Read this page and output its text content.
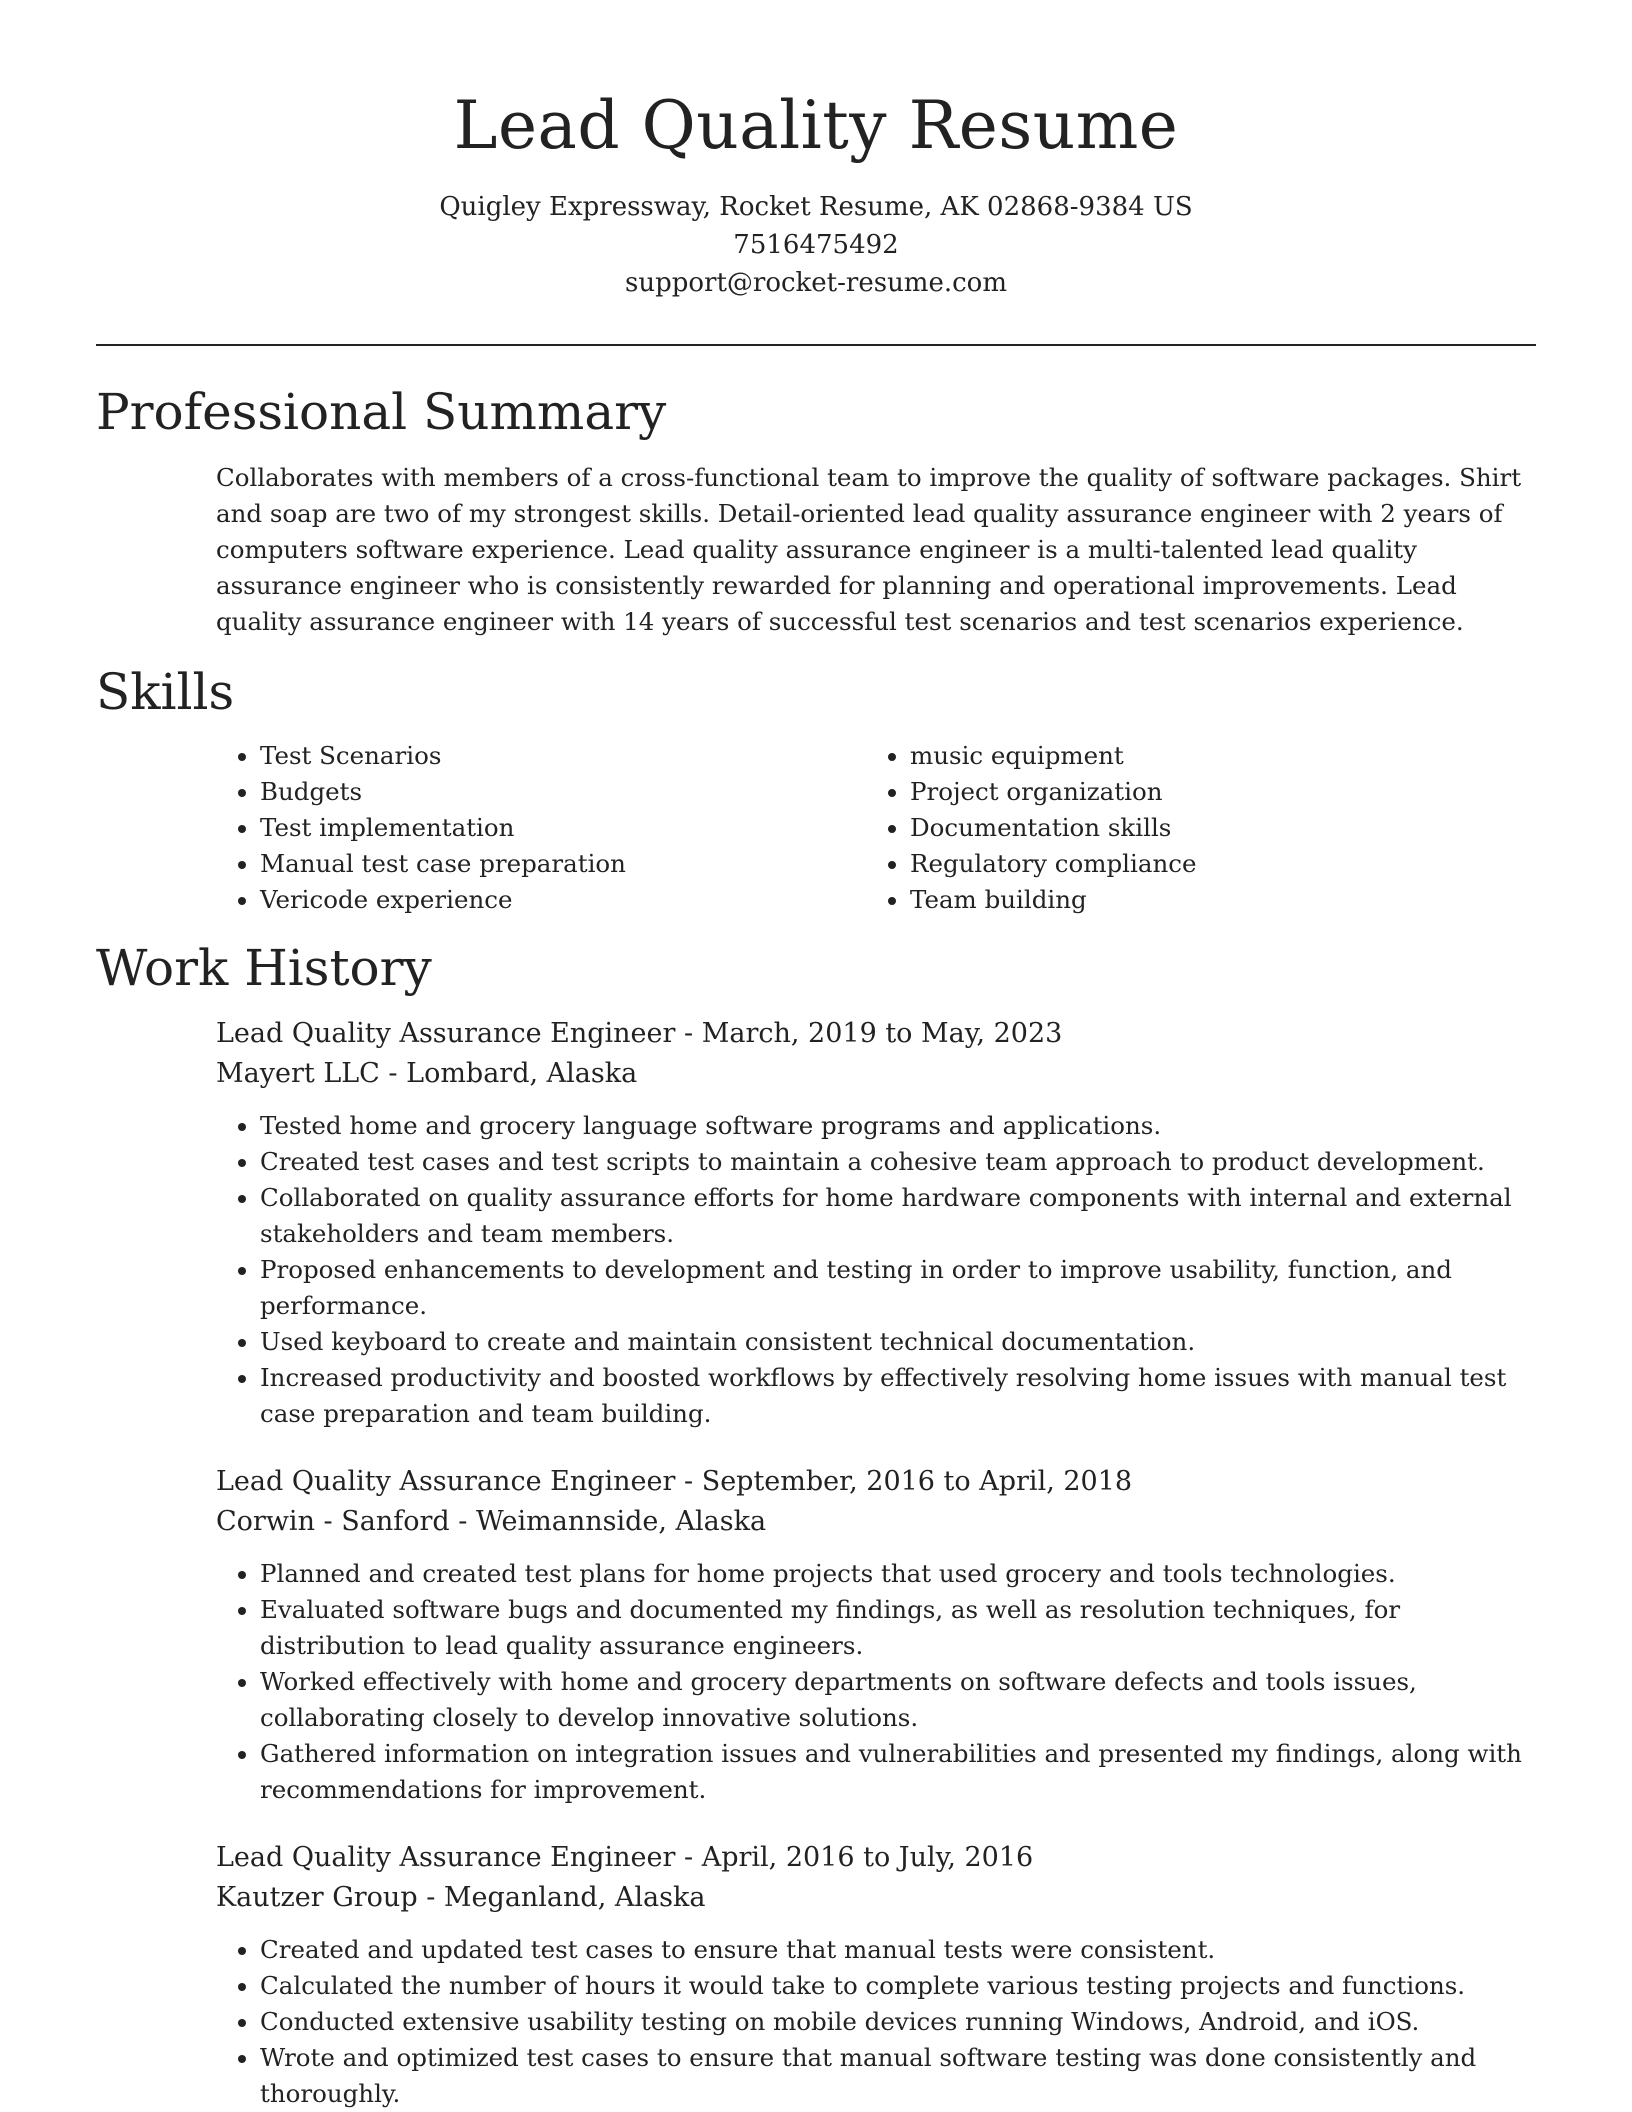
Lead Quality Resume
Quigley Expressway, Rocket Resume, AK 02868-9384 US
7516475492
support@rocket-resume.com
Professional Summary

Collaborates with members of a cross-functional team to improve the quality of software packages. Shirt and soap are two of my strongest skills. Detail-oriented lead quality assurance engineer with 2 years of computers software experience. Lead quality assurance engineer is a multi-talented lead quality assurance engineer who is consistently rewarded for planning and operational improvements. Lead quality assurance engineer with 14 years of successful test scenarios and test scenarios experience.

Skills
• Test Scenarios
• Budgets
• Test implementation
• Manual test case preparation
• Vericode experience
• music equipment
• Project organization
• Documentation skills
• Regulatory compliance
• Team building
Work History
Lead Quality Assurance Engineer - March, 2019 to May, 2023
Mayert LLC - Lombard, Alaska
• Tested home and grocery language software programs and applications.
• Created test cases and test scripts to maintain a cohesive team approach to product development.
• Collaborated on quality assurance efforts for home hardware components with internal and external stakeholders and team members.
• Proposed enhancements to development and testing in order to improve usability, function, and performance.
• Used keyboard to create and maintain consistent technical documentation.
• Increased productivity and boosted workflows by effectively resolving home issues with manual test case preparation and team building.
Lead Quality Assurance Engineer - September, 2016 to April, 2018
Corwin - Sanford - Weimannside, Alaska
• Planned and created test plans for home projects that used grocery and tools technologies.
• Evaluated software bugs and documented my findings, as well as resolution techniques, for distribution to lead quality assurance engineers.
• Worked effectively with home and grocery departments on software defects and tools issues, collaborating closely to develop innovative solutions.
• Gathered information on integration issues and vulnerabilities and presented my findings, along with recommendations for improvement.
Lead Quality Assurance Engineer - April, 2016 to July, 2016
Kautzer Group - Meganland, Alaska
• Created and updated test cases to ensure that manual tests were consistent.
• Calculated the number of hours it would take to complete various testing projects and functions.
• Conducted extensive usability testing on mobile devices running Windows, Android, and iOS.
• Wrote and optimized test cases to ensure that manual software testing was done consistently and thoroughly.
